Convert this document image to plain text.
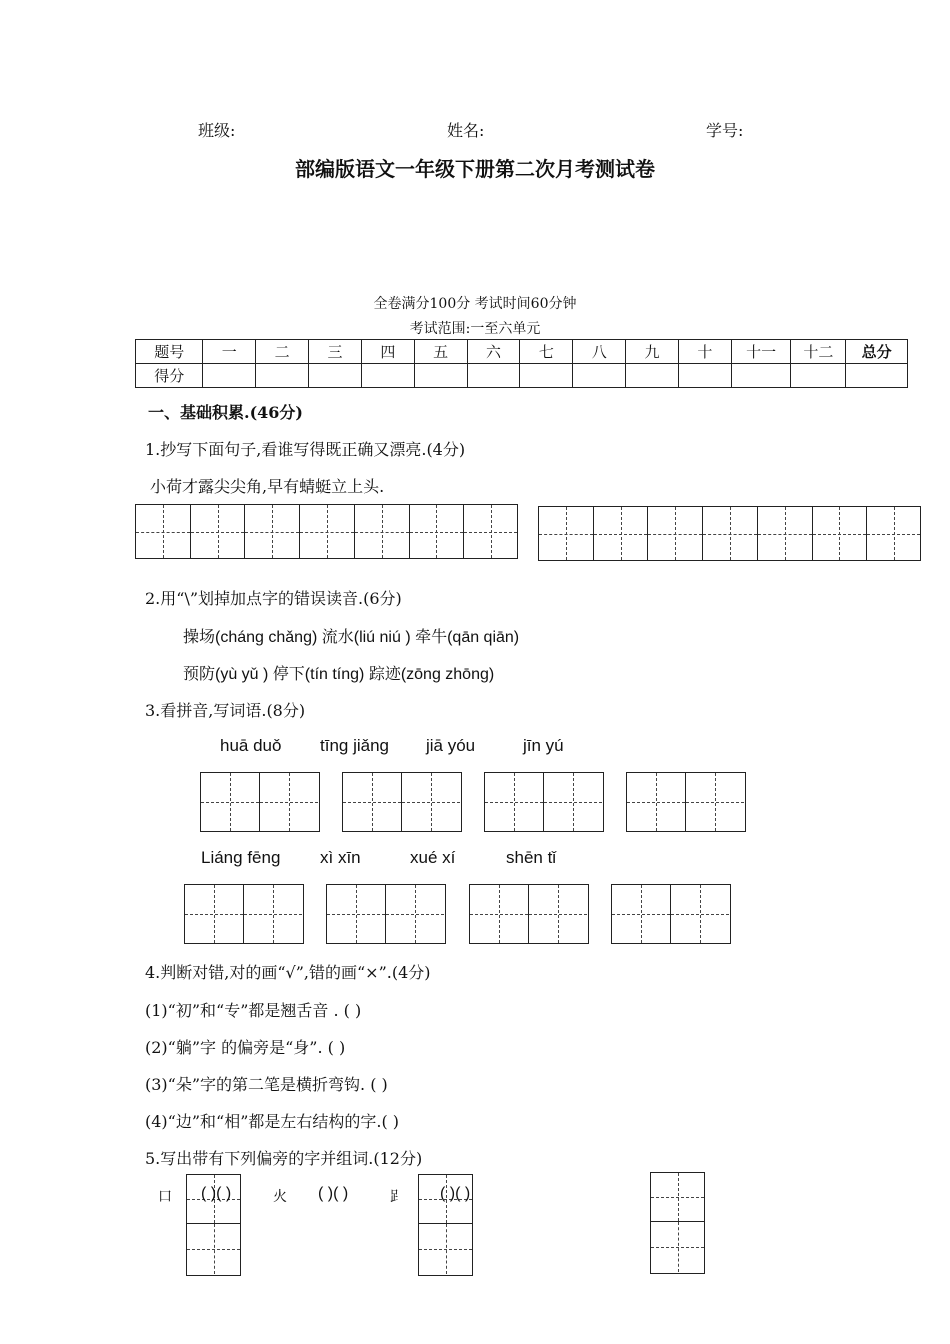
班级:	姓名:	学号:
部编版语文一年级下册第二次月考测试卷
全卷满分100分 考试时间60分钟
考试范围:一至六单元
题号	一	二	三	四	五	六	七	八	九	十	十一	十二	总分
得分													
一、基础积累.(46分)
1.抄写下面句子,看谁写得既正确又漂亮.(4分)
小荷才露尖尖角,早有蜻蜓立上头.
2.用“\”划掉加点字的错误读音.(6分)
操场(cháng chǎng) 流水(liú niú ) 牵牛(qān qiān)
预防(yù yǔ ) 停下(tín tíng) 踪迹(zōng zhōng)
3.看拼音,写词语.(8分)
huā duǒ tīng jiǎng jiā yóu	jīn yú
Liáng fēng xì xīn	xué xí	shēn tǐ
4.判断对错,对的画“√”,错的画“×”.(4分)
(1)“初”和“专”都是翘舌音 . ( )
(2)“躺”字 的偏旁是“身”. ( )
(3)“朵”字的第二笔是横折弯钩. ( )
(4)“边”和“相”都是左右结构的字.( )
5.写出带有下列偏旁的字并组词.(12分)
口 ( )( )	火 ( )( )	𧾷 ( )( )
